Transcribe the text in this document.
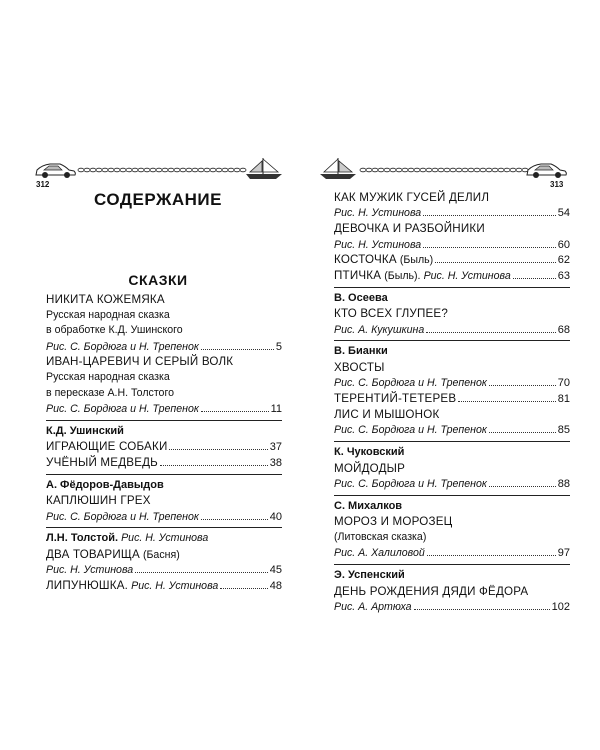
312
СОДЕРЖАНИЕ
СКАЗКИ
НИКИТА КОЖЕМЯКА
Русская народная сказка
в обработке К.Д. Ушинского
Рис. С. Бордюга и Н. Трепенок	5
ИВАН-ЦАРЕВИЧ И СЕРЫЙ ВОЛК
Русская народная сказка
в пересказе А.Н. Толстого
Рис. С. Бордюга и Н. Трепенок	11
К.Д. Ушинский
ИГРАЮЩИЕ СОБАКИ	37
УЧЁНЫЙ МЕДВЕДЬ	38
А. Фёдоров-Давыдов
КАПЛЮШИН ГРЕХ
Рис. С. Бордюга и Н. Трепенок	40
Л.Н. Толстой. Рис. Н. Устинова
ДВА ТОВАРИЩА (Басня)
Рис. Н. Устинова	45
ЛИПУНЮШКА. Рис. Н. Устинова	48
313
КАК МУЖИК ГУСЕЙ ДЕЛИЛ
Рис. Н. Устинова	54
ДЕВОЧКА И РАЗБОЙНИКИ
Рис. Н. Устинова	60
КОСТОЧКА (Быль)	62
ПТИЧКА (Быль). Рис. Н. Устинова	63
В. Осеева
КТО ВСЕХ ГЛУПЕЕ?
Рис. А. Кукушкина	68
В. Бианки
ХВОСТЫ
Рис. С. Бордюга и Н. Трепенок	70
ТЕРЕНТИЙ-ТЕТЕРЕВ	81
ЛИС И МЫШОНОК
Рис. С. Бордюга и Н. Трепенок	85
К. Чуковский
МОЙДОДЫР
Рис. С. Бордюга и Н. Трепенок	88
С. Михалков
МОРОЗ И МОРОЗЕЦ
(Литовская сказка)
Рис. А. Халиловой	97
Э. Успенский
ДЕНЬ РОЖДЕНИЯ ДЯДИ ФЁДОРА
Рис. А. Артюха	102
